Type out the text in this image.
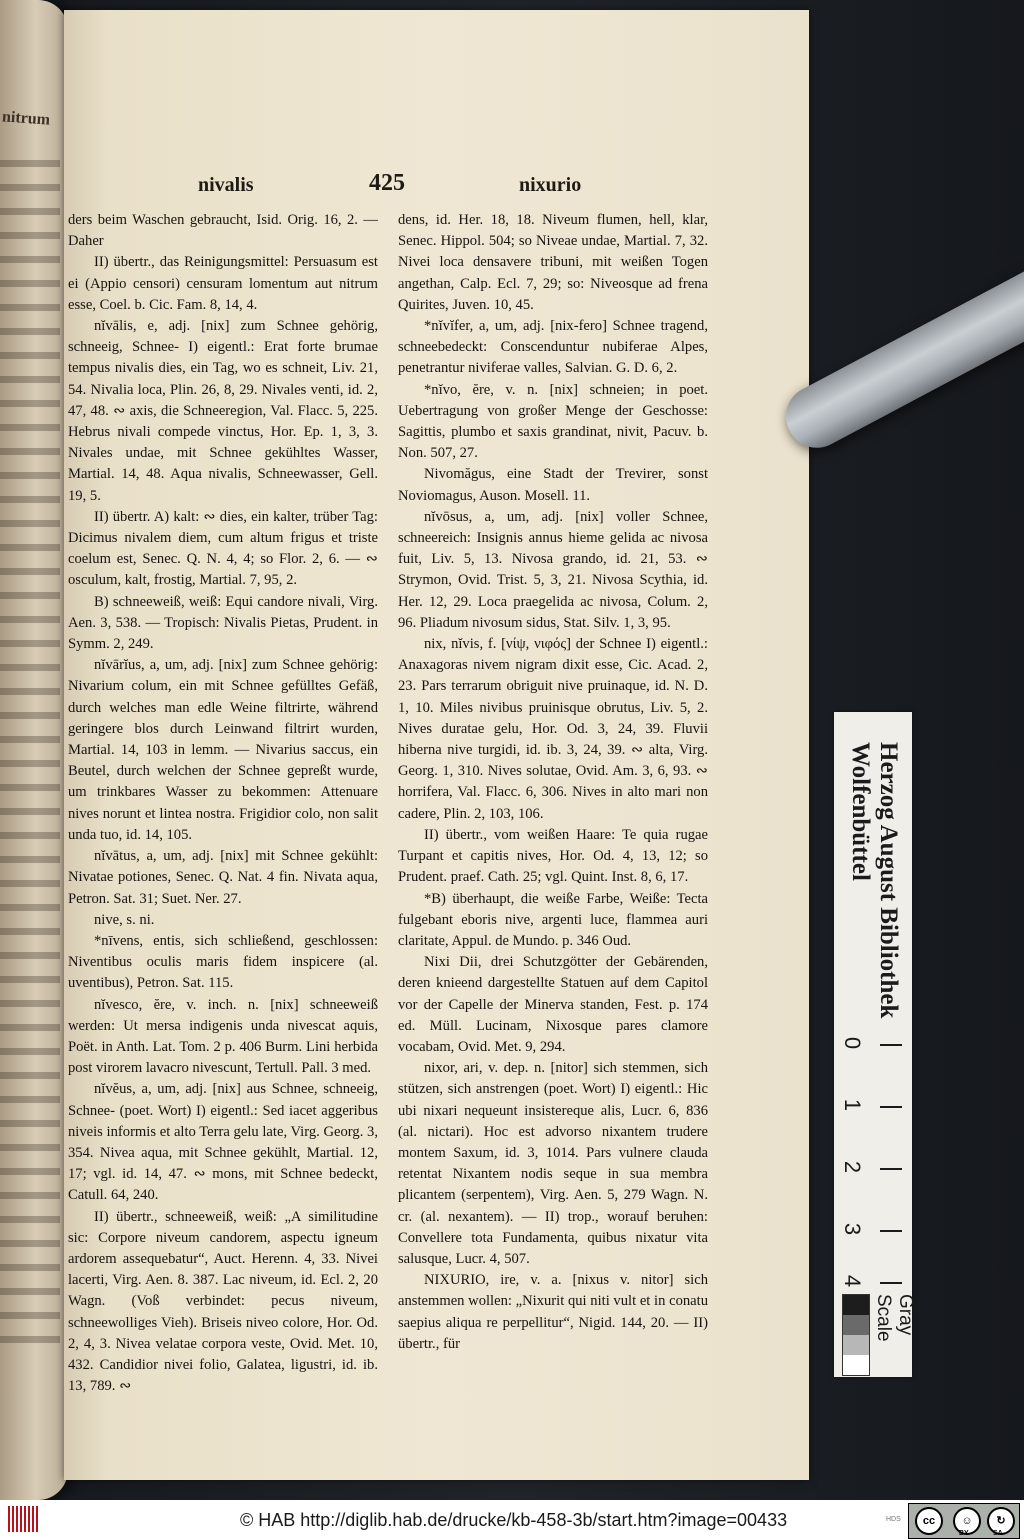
nitrum
nivalis	425	nixurio

ders beim Waschen gebraucht, Isid. Orig. 16, 2. — Daher

II) übertr., das Reinigungsmittel: Persuasum est ei (Appio censori) censuram lomentum aut nitrum esse, Coel. b. Cic. Fam. 8, 14, 4.

nĭvālis, e, adj. [nix] zum Schnee gehörig, schneeig, Schnee- I) eigentl.: Erat forte brumae tempus nivalis dies, ein Tag, wo es schneit, Liv. 21, 54. Nivalia loca, Plin. 26, 8, 29. Nivales venti, id. 2, 47, 48. ∾ axis, die Schneeregion, Val. Flacc. 5, 225. Hebrus nivali compede vinctus, Hor. Ep. 1, 3, 3. Nivales undae, mit Schnee gekühltes Wasser, Martial. 14, 48. Aqua nivalis, Schneewasser, Gell. 19, 5.

II) übertr. A) kalt: ∾ dies, ein kalter, trüber Tag: Dicimus nivalem diem, cum altum frigus et triste coelum est, Senec. Q. N. 4, 4; so Flor. 2, 6. — ∾ osculum, kalt, frostig, Martial. 7, 95, 2.

B) schneeweiß, weiß: Equi candore nivali, Virg. Aen. 3, 538. — Tropisch: Nivalis Pietas, Prudent. in Symm. 2, 249.

nĭvārĭus, a, um, adj. [nix] zum Schnee gehörig: Nivarium colum, ein mit Schnee gefülltes Gefäß, durch welches man edle Weine filtrirte, während geringere blos durch Leinwand filtrirt wurden, Martial. 14, 103 in lemm. — Nivarius saccus, ein Beutel, durch welchen der Schnee gepreßt wurde, um trinkbares Wasser zu bekommen: Attenuare nives norunt et lintea nostra. Frigidior colo, non salit unda tuo, id. 14, 105.

nĭvātus, a, um, adj. [nix] mit Schnee gekühlt: Nivatae potiones, Senec. Q. Nat. 4 fin. Nivata aqua, Petron. Sat. 31; Suet. Ner. 27.

nive, s. ni.

*nīvens, entis, sich schließend, geschlossen: Niventibus oculis maris fidem inspicere (al. uventibus), Petron. Sat. 115.

nĭvesco, ĕre, v. inch. n. [nix] schneeweiß werden: Ut mersa indigenis unda nivescat aquis, Poët. in Anth. Lat. Tom. 2 p. 406 Burm. Lini herbida post virorem lavacro nivescunt, Tertull. Pall. 3 med.

nĭvĕus, a, um, adj. [nix] aus Schnee, schneeig, Schnee- (poet. Wort) I) eigentl.: Sed iacet aggeribus niveis informis et alto Terra gelu late, Virg. Georg. 3, 354. Nivea aqua, mit Schnee gekühlt, Martial. 12, 17; vgl. id. 14, 47. ∾ mons, mit Schnee bedeckt, Catull. 64, 240.

II) übertr., schneeweiß, weiß: „A similitudine sic: Corpore niveum candorem, aspectu igneum ardorem assequebatur“, Auct. Herenn. 4, 33. Nivei lacerti, Virg. Aen. 8. 387. Lac niveum, id. Ecl. 2, 20 Wagn. (Voß verbindet: pecus niveum, schneewolliges Vieh). Briseis niveo colore, Hor. Od. 2, 4, 3. Nivea velatae corpora veste, Ovid. Met. 10, 432. Candidior nivei folio, Galatea, ligustri, id. ib. 13, 789. ∾

dens, id. Her. 18, 18. Niveum flumen, hell, klar, Senec. Hippol. 504; so Niveae undae, Martial. 7, 32. Nivei loca densavere tribuni, mit weißen Togen angethan, Calp. Ecl. 7, 29; so: Niveosque ad frena Quirites, Juven. 10, 45.

*nĭvĭfer, a, um, adj. [nix-fero] Schnee tragend, schneebedeckt: Conscenduntur nubiferae Alpes, penetrantur niviferae valles, Salvian. G. D. 6, 2.

*nĭvo, ĕre, v. n. [nix] schneien; in poet. Uebertragung von großer Menge der Geschosse: Sagittis, plumbo et saxis grandinat, nivit, Pacuv. b. Non. 507, 27.

Nivomăgus, eine Stadt der Trevirer, sonst Noviomagus, Auson. Mosell. 11.

nĭvōsus, a, um, adj. [nix] voller Schnee, schneereich: Insignis annus hieme gelida ac nivosa fuit, Liv. 5, 13. Nivosa grando, id. 21, 53. ∾ Strymon, Ovid. Trist. 5, 3, 21. Nivosa Scythia, id. Her. 12, 29. Loca praegelida ac nivosa, Colum. 2, 96. Pliadum nivosum sidus, Stat. Silv. 1, 3, 95.

nix, nĭvis, f. [νίψ, νιφός] der Schnee I) eigentl.: Anaxagoras nivem nigram dixit esse, Cic. Acad. 2, 23. Pars terrarum obriguit nive pruinaque, id. N. D. 1, 10. Miles nivibus pruinisque obrutus, Liv. 5, 2. Nives duratae gelu, Hor. Od. 3, 24, 39. Fluvii hiberna nive turgidi, id. ib. 3, 24, 39. ∾ alta, Virg. Georg. 1, 310. Nives solutae, Ovid. Am. 3, 6, 93. ∾ horrifera, Val. Flacc. 6, 306. Nives in alto mari non cadere, Plin. 2, 103, 106.

II) übertr., vom weißen Haare: Te quia rugae Turpant et capitis nives, Hor. Od. 4, 13, 12; so Prudent. praef. Cath. 25; vgl. Quint. Inst. 8, 6, 17.

*B) überhaupt, die weiße Farbe, Weiße: Tecta fulgebant eboris nive, argenti luce, flammea auri claritate, Appul. de Mundo. p. 346 Oud.

Nixi Dii, drei Schutzgötter der Gebärenden, deren knieend dargestellte Statuen auf dem Capitol vor der Capelle der Minerva standen, Fest. p. 174 ed. Müll. Lucinam, Nixosque pares clamore vocabam, Ovid. Met. 9, 294.

nixor, ari, v. dep. n. [nitor] sich stemmen, sich stützen, sich anstrengen (poet. Wort) I) eigentl.: Hic ubi nixari nequeunt insistereque alis, Lucr. 6, 836 (al. nictari). Hoc est advorso nixantem trudere montem Saxum, id. 3, 1014. Pars vulnere clauda retentat Nixantem nodis seque in sua membra plicantem (serpentem), Virg. Aen. 5, 279 Wagn. N. cr. (al. nexantem). — II) trop., worauf beruhen: Convellere tota Fundamenta, quibus nixatur vita salusque, Lucr. 4, 507.

NIXURIO, ire, v. a. [nixus v. nitor] sich anstemmen wollen: „Nixurit qui niti vult et in conatu saepius aliqua re perpellitur“, Nigid. 144, 20. — II) übertr., für

Herzog August Bibliothek
Wolfenbüttel
0
1
2
3
4
Gray Scale
© HAB http://diglib.hab.de/drucke/kb-458-3b/start.htm?image=00433	HDS	cc	☺	↻
BY	SA
